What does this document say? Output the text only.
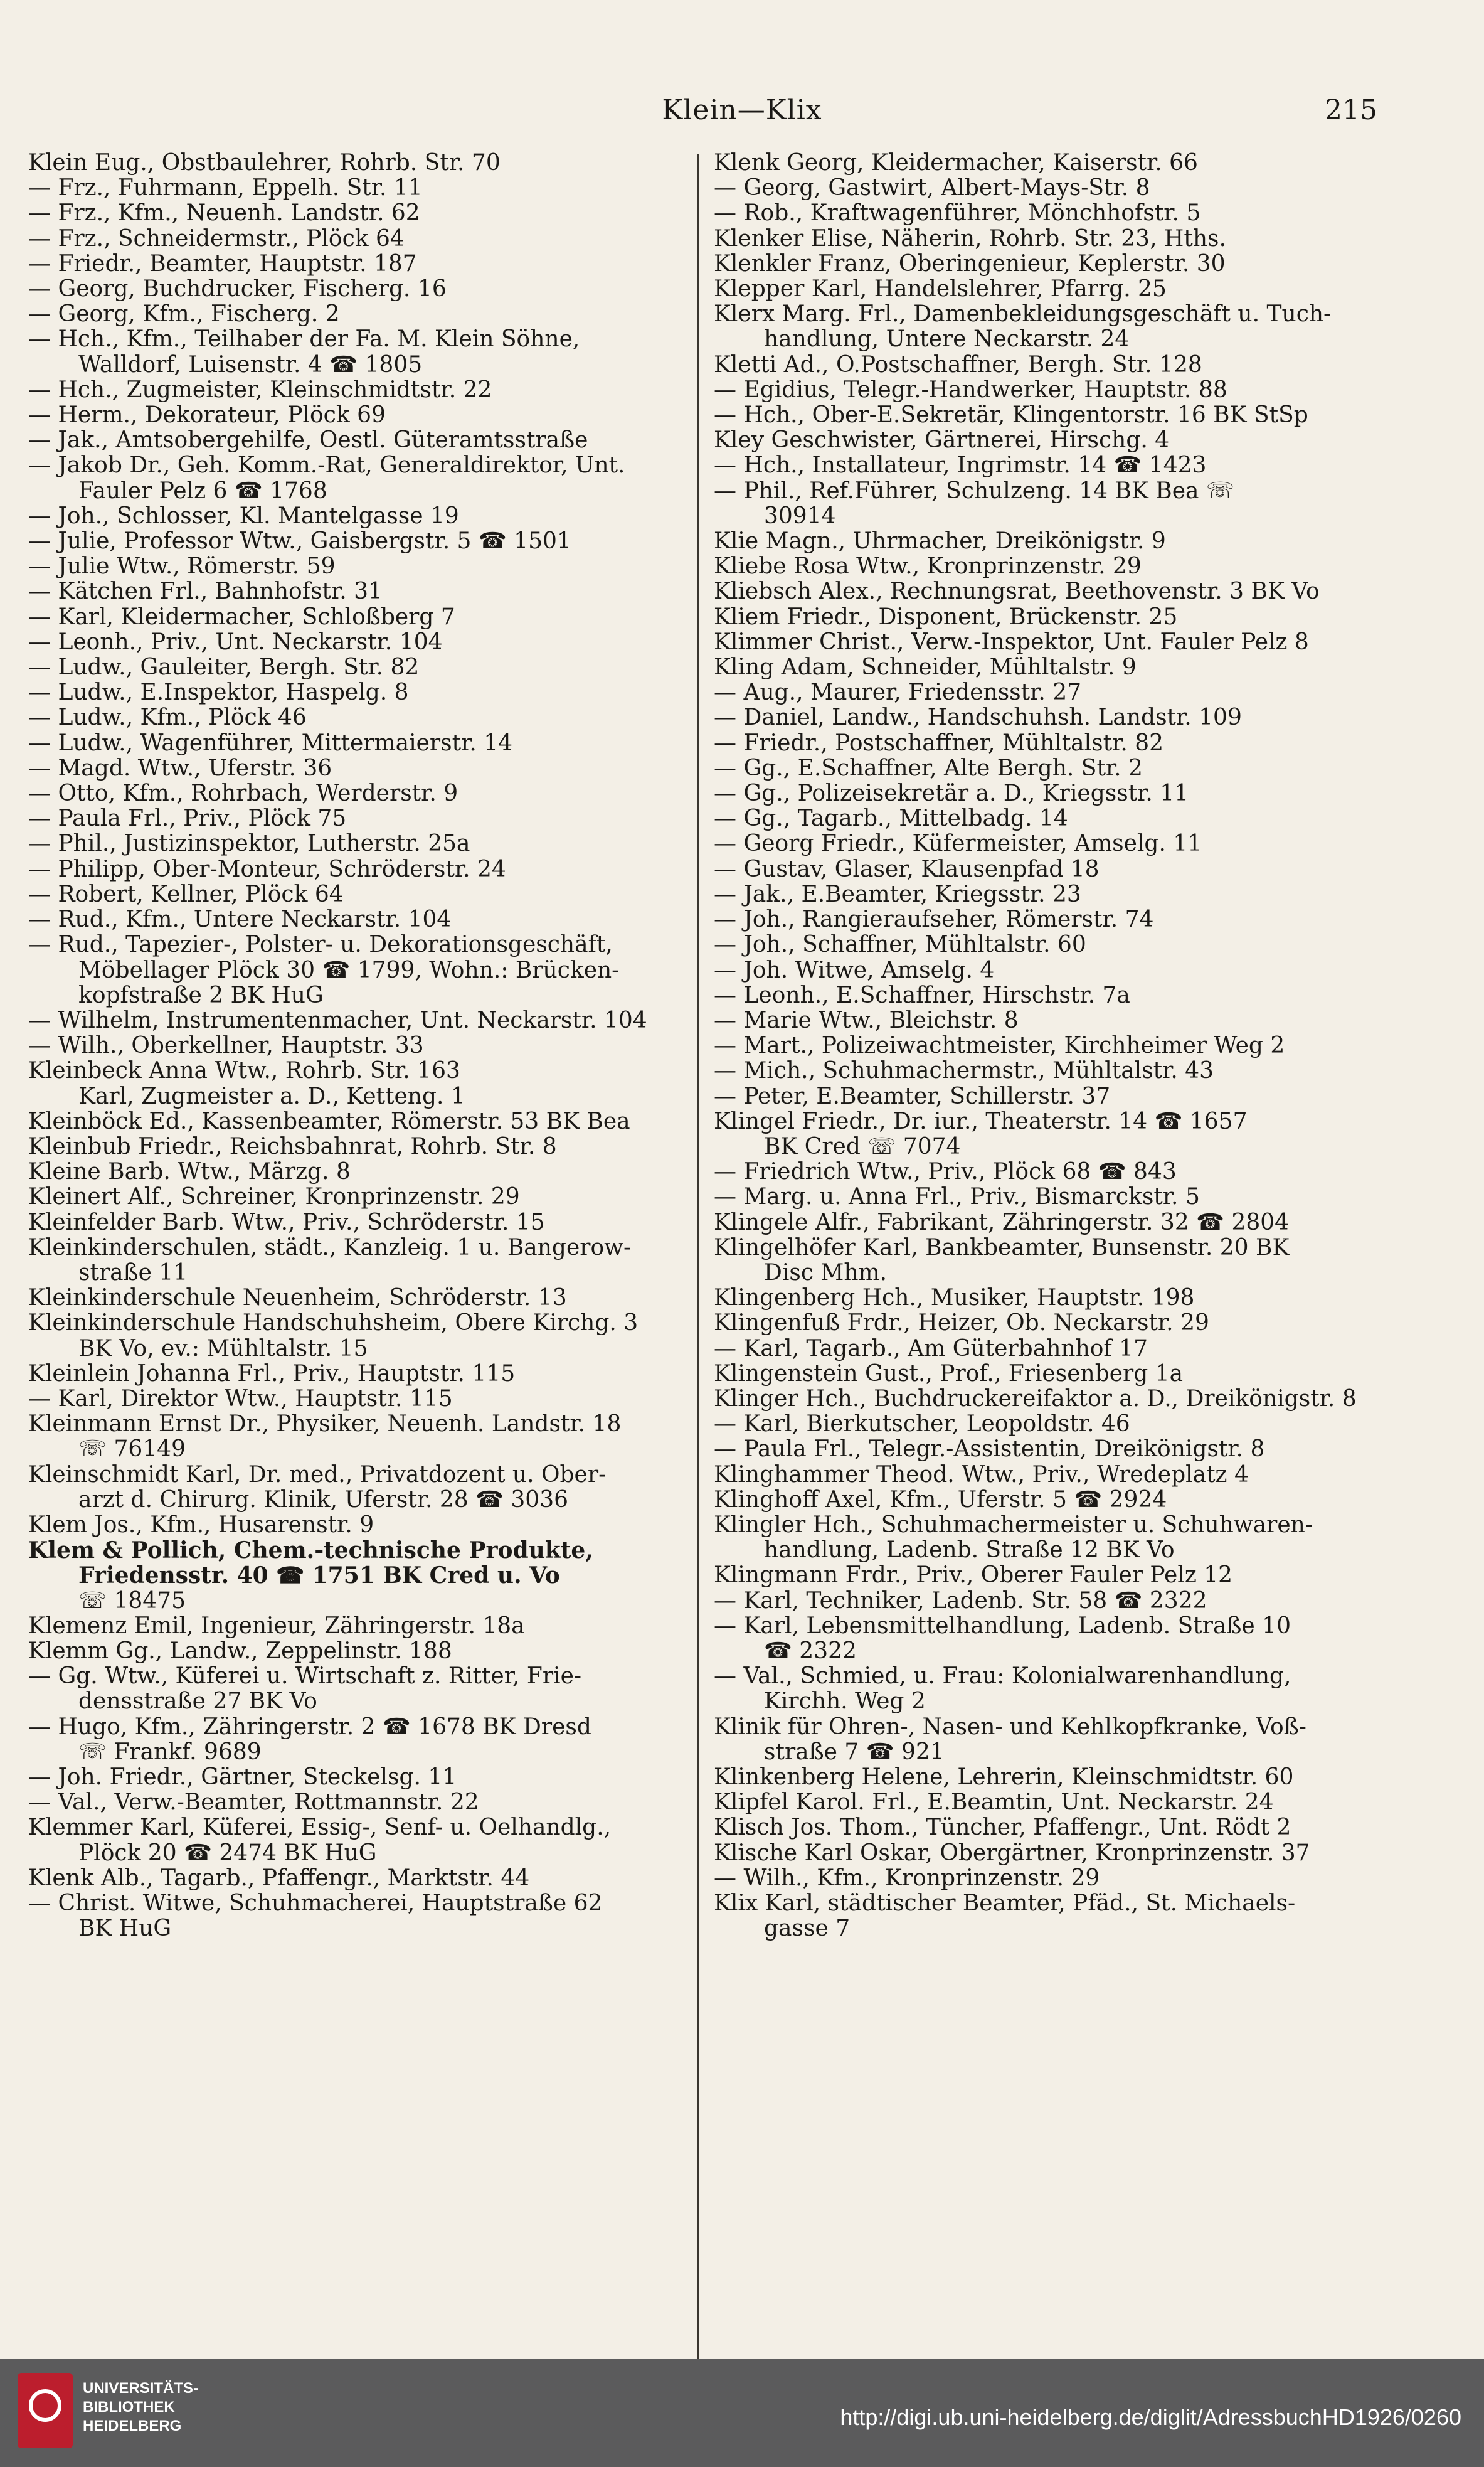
Klein—Klix	215
Klein Eug., Obstbaulehrer, Rohrb. Str. 70
— Frz., Fuhrmann, Eppelh. Str. 11
— Frz., Kfm., Neuenh. Landstr. 62
— Frz., Schneidermstr., Plöck 64
— Friedr., Beamter, Hauptstr. 187
— Georg, Buchdrucker, Fischerg. 16
— Georg, Kfm., Fischerg. 2
— Hch., Kfm., Teilhaber der Fa. M. Klein Söhne,
Walldorf, Luisenstr. 4 ☎ 1805
— Hch., Zugmeister, Kleinschmidtstr. 22
— Herm., Dekorateur, Plöck 69
— Jak., Amtsobergehilfe, Oestl. Güteramtsstraße
— Jakob Dr., Geh. Komm.-Rat, Generaldirektor, Unt.
Fauler Pelz 6 ☎ 1768
— Joh., Schlosser, Kl. Mantelgasse 19
— Julie, Professor Wtw., Gaisbergstr. 5 ☎ 1501
— Julie Wtw., Römerstr. 59
— Kätchen Frl., Bahnhofstr. 31
— Karl, Kleidermacher, Schloßberg 7
— Leonh., Priv., Unt. Neckarstr. 104
— Ludw., Gauleiter, Bergh. Str. 82
— Ludw., E.Inspektor, Haspelg. 8
— Ludw., Kfm., Plöck 46
— Ludw., Wagenführer, Mittermaierstr. 14
— Magd. Wtw., Uferstr. 36
— Otto, Kfm., Rohrbach, Werderstr. 9
— Paula Frl., Priv., Plöck 75
— Phil., Justizinspektor, Lutherstr. 25a
— Philipp, Ober-Monteur, Schröderstr. 24
— Robert, Kellner, Plöck 64
— Rud., Kfm., Untere Neckarstr. 104
— Rud., Tapezier-, Polster- u. Dekorationsgeschäft,
Möbellager Plöck 30 ☎ 1799, Wohn.: Brücken-
kopfstraße 2 BK HuG
— Wilhelm, Instrumentenmacher, Unt. Neckarstr. 104
— Wilh., Oberkellner, Hauptstr. 33
Kleinbeck Anna Wtw., Rohrb. Str. 163
Karl, Zugmeister a. D., Ketteng. 1
Kleinböck Ed., Kassenbeamter, Römerstr. 53 BK Bea
Kleinbub Friedr., Reichsbahnrat, Rohrb. Str. 8
Kleine Barb. Wtw., Märzg. 8
Kleinert Alf., Schreiner, Kronprinzenstr. 29
Kleinfelder Barb. Wtw., Priv., Schröderstr. 15
Kleinkinderschulen, städt., Kanzleig. 1 u. Bangerow-
straße 11
Kleinkinderschule Neuenheim, Schröderstr. 13
Kleinkinderschule Handschuhsheim, Obere Kirchg. 3
BK Vo, ev.: Mühltalstr. 15
Kleinlein Johanna Frl., Priv., Hauptstr. 115
— Karl, Direktor Wtw., Hauptstr. 115
Kleinmann Ernst Dr., Physiker, Neuenh. Landstr. 18
☏ 76149
Kleinschmidt Karl, Dr. med., Privatdozent u. Ober-
arzt d. Chirurg. Klinik, Uferstr. 28 ☎ 3036
Klem Jos., Kfm., Husarenstr. 9
Klem & Pollich, Chem.-technische Produkte,
Friedensstr. 40 ☎ 1751 BK Cred u. Vo
☏ 18475
Klemenz Emil, Ingenieur, Zähringerstr. 18a
Klemm Gg., Landw., Zeppelinstr. 188
— Gg. Wtw., Küferei u. Wirtschaft z. Ritter, Frie-
densstraße 27 BK Vo
— Hugo, Kfm., Zähringerstr. 2 ☎ 1678 BK Dresd
☏ Frankf. 9689
— Joh. Friedr., Gärtner, Steckelsg. 11
— Val., Verw.-Beamter, Rottmannstr. 22
Klemmer Karl, Küferei, Essig-, Senf- u. Oelhandlg.,
Plöck 20 ☎ 2474 BK HuG
Klenk Alb., Tagarb., Pfaffengr., Marktstr. 44
— Christ. Witwe, Schuhmacherei, Hauptstraße 62
BK HuG
Klenk Georg, Kleidermacher, Kaiserstr. 66
— Georg, Gastwirt, Albert-Mays-Str. 8
— Rob., Kraftwagenführer, Mönchhofstr. 5
Klenker Elise, Näherin, Rohrb. Str. 23, Hths.
Klenkler Franz, Oberingenieur, Keplerstr. 30
Klepper Karl, Handelslehrer, Pfarrg. 25
Klerx Marg. Frl., Damenbekleidungsgeschäft u. Tuch-
handlung, Untere Neckarstr. 24
Kletti Ad., O.Postschaffner, Bergh. Str. 128
— Egidius, Telegr.-Handwerker, Hauptstr. 88
— Hch., Ober-E.Sekretär, Klingentorstr. 16 BK StSp
Kley Geschwister, Gärtnerei, Hirschg. 4
— Hch., Installateur, Ingrimstr. 14 ☎ 1423
— Phil., Ref.Führer, Schulzeng. 14 BK Bea ☏
30914
Klie Magn., Uhrmacher, Dreikönigstr. 9
Kliebe Rosa Wtw., Kronprinzenstr. 29
Kliebsch Alex., Rechnungsrat, Beethovenstr. 3 BK Vo
Kliem Friedr., Disponent, Brückenstr. 25
Klimmer Christ., Verw.-Inspektor, Unt. Fauler Pelz 8
Kling Adam, Schneider, Mühltalstr. 9
— Aug., Maurer, Friedensstr. 27
— Daniel, Landw., Handschuhsh. Landstr. 109
— Friedr., Postschaffner, Mühltalstr. 82
— Gg., E.Schaffner, Alte Bergh. Str. 2
— Gg., Polizeisekretär a. D., Kriegsstr. 11
— Gg., Tagarb., Mittelbadg. 14
— Georg Friedr., Küfermeister, Amselg. 11
— Gustav, Glaser, Klausenpfad 18
— Jak., E.Beamter, Kriegsstr. 23
— Joh., Rangieraufseher, Römerstr. 74
— Joh., Schaffner, Mühltalstr. 60
— Joh. Witwe, Amselg. 4
— Leonh., E.Schaffner, Hirschstr. 7a
— Marie Wtw., Bleichstr. 8
— Mart., Polizeiwachtmeister, Kirchheimer Weg 2
— Mich., Schuhmachermstr., Mühltalstr. 43
— Peter, E.Beamter, Schillerstr. 37
Klingel Friedr., Dr. iur., Theaterstr. 14 ☎ 1657
BK Cred ☏ 7074
— Friedrich Wtw., Priv., Plöck 68 ☎ 843
— Marg. u. Anna Frl., Priv., Bismarckstr. 5
Klingele Alfr., Fabrikant, Zähringerstr. 32 ☎ 2804
Klingelhöfer Karl, Bankbeamter, Bunsenstr. 20 BK
Disc Mhm.
Klingenberg Hch., Musiker, Hauptstr. 198
Klingenfuß Frdr., Heizer, Ob. Neckarstr. 29
— Karl, Tagarb., Am Güterbahnhof 17
Klingenstein Gust., Prof., Friesenberg 1a
Klinger Hch., Buchdruckereifaktor a. D., Dreikönigstr. 8
— Karl, Bierkutscher, Leopoldstr. 46
— Paula Frl., Telegr.-Assistentin, Dreikönigstr. 8
Klinghammer Theod. Wtw., Priv., Wredeplatz 4
Klinghoff Axel, Kfm., Uferstr. 5 ☎ 2924
Klingler Hch., Schuhmachermeister u. Schuhwaren-
handlung, Ladenb. Straße 12 BK Vo
Klingmann Frdr., Priv., Oberer Fauler Pelz 12
— Karl, Techniker, Ladenb. Str. 58 ☎ 2322
— Karl, Lebensmittelhandlung, Ladenb. Straße 10
☎ 2322
— Val., Schmied, u. Frau: Kolonialwarenhandlung,
Kirchh. Weg 2
Klinik für Ohren-, Nasen- und Kehlkopfkranke, Voß-
straße 7 ☎ 921
Klinkenberg Helene, Lehrerin, Kleinschmidtstr. 60
Klipfel Karol. Frl., E.Beamtin, Unt. Neckarstr. 24
Klisch Jos. Thom., Tüncher, Pfaffengr., Unt. Rödt 2
Klische Karl Oskar, Obergärtner, Kronprinzenstr. 37
— Wilh., Kfm., Kronprinzenstr. 29
Klix Karl, städtischer Beamter, Pfäd., St. Michaels-
gasse 7
UNIVERSITÄTS-
BIBLIOTHEK
HEIDELBERG	http://digi.ub.uni-heidelberg.de/diglit/AdressbuchHD1926/0260
